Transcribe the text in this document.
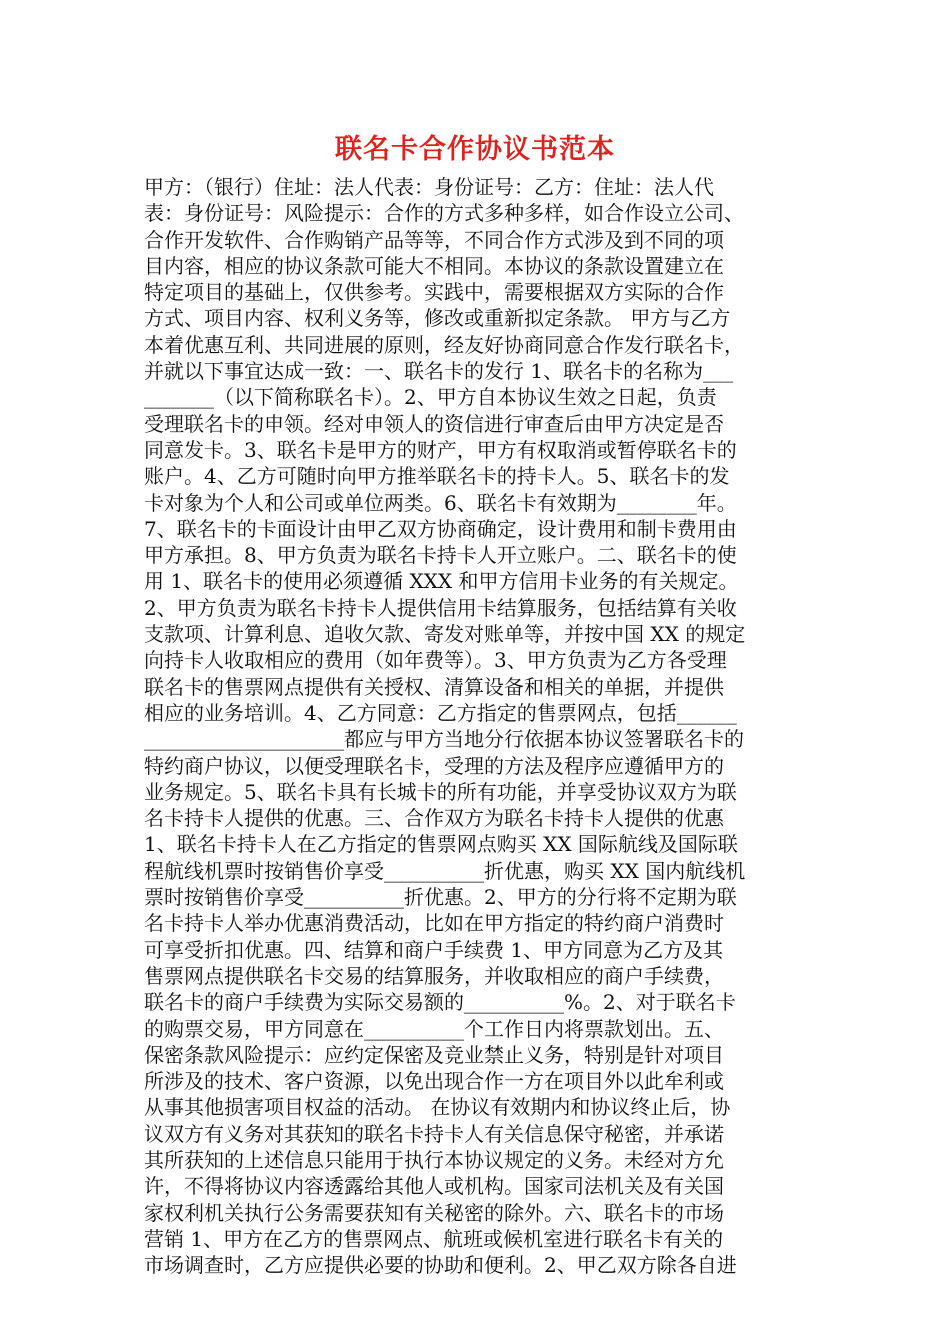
联名卡合作协议书范本
甲方：（银行）住址：法人代表：身份证号：乙方：住址：法人代
表：身份证号：风险提示：合作的方式多种多样，如合作设立公司、
合作开发软件、合作购销产品等等，不同合作方式涉及到不同的项
目内容，相应的协议条款可能大不相同。本协议的条款设置建立在
特定项目的基础上，仅供参考。实践中，需要根据双方实际的合作
方式、项目内容、权利义务等，修改或重新拟定条款。 甲方与乙方
本着优惠互利、共同进展的原则，经友好协商同意合作发行联名卡，
并就以下事宜达成一致：一、联名卡的发行 1、联名卡的名称为___
_______（以下简称联名卡）。2、甲方自本协议生效之日起，负责
受理联名卡的申领。经对申领人的资信进行审查后由甲方决定是否
同意发卡。3、联名卡是甲方的财产，甲方有权取消或暂停联名卡的
账户。4、乙方可随时向甲方推举联名卡的持卡人。5、联名卡的发
卡对象为个人和公司或单位两类。6、联名卡有效期为________年。
7、联名卡的卡面设计由甲乙双方协商确定，设计费用和制卡费用由
甲方承担。8、甲方负责为联名卡持卡人开立账户。二、联名卡的使
用 1、联名卡的使用必须遵循 XXX 和甲方信用卡业务的有关规定。
2、甲方负责为联名卡持卡人提供信用卡结算服务，包括结算有关收
支款项、计算利息、追收欠款、寄发对账单等，并按中国 XX 的规定
向持卡人收取相应的费用（如年费等）。3、甲方负责为乙方各受理
联名卡的售票网点提供有关授权、清算设备和相关的单据，并提供
相应的业务培训。4、乙方同意：乙方指定的售票网点，包括______
____________________都应与甲方当地分行依据本协议签署联名卡的
特约商户协议，以便受理联名卡，受理的方法及程序应遵循甲方的
业务规定。5、联名卡具有长城卡的所有功能，并享受协议双方为联
名卡持卡人提供的优惠。三、合作双方为联名卡持卡人提供的优惠
1、联名卡持卡人在乙方指定的售票网点购买 XX 国际航线及国际联
程航线机票时按销售价享受__________折优惠，购买 XX 国内航线机
票时按销售价享受__________折优惠。2、甲方的分行将不定期为联
名卡持卡人举办优惠消费活动，比如在甲方指定的特约商户消费时
可享受折扣优惠。四、结算和商户手续费 1、甲方同意为乙方及其
售票网点提供联名卡交易的结算服务，并收取相应的商户手续费，
联名卡的商户手续费为实际交易额的__________%。2、对于联名卡
的购票交易，甲方同意在__________个工作日内将票款划出。五、
保密条款风险提示：应约定保密及竞业禁止义务，特别是针对项目
所涉及的技术、客户资源，以免出现合作一方在项目外以此牟利或
从事其他损害项目权益的活动。 在协议有效期内和协议终止后，协
议双方有义务对其获知的联名卡持卡人有关信息保守秘密，并承诺
其所获知的上述信息只能用于执行本协议规定的义务。未经对方允
许，不得将协议内容透露给其他人或机构。国家司法机关及有关国
家权利机关执行公务需要获知有关秘密的除外。六、联名卡的市场
营销 1、甲方在乙方的售票网点、航班或候机室进行联名卡有关的
市场调查时，乙方应提供必要的协助和便利。2、甲乙双方除各自进
